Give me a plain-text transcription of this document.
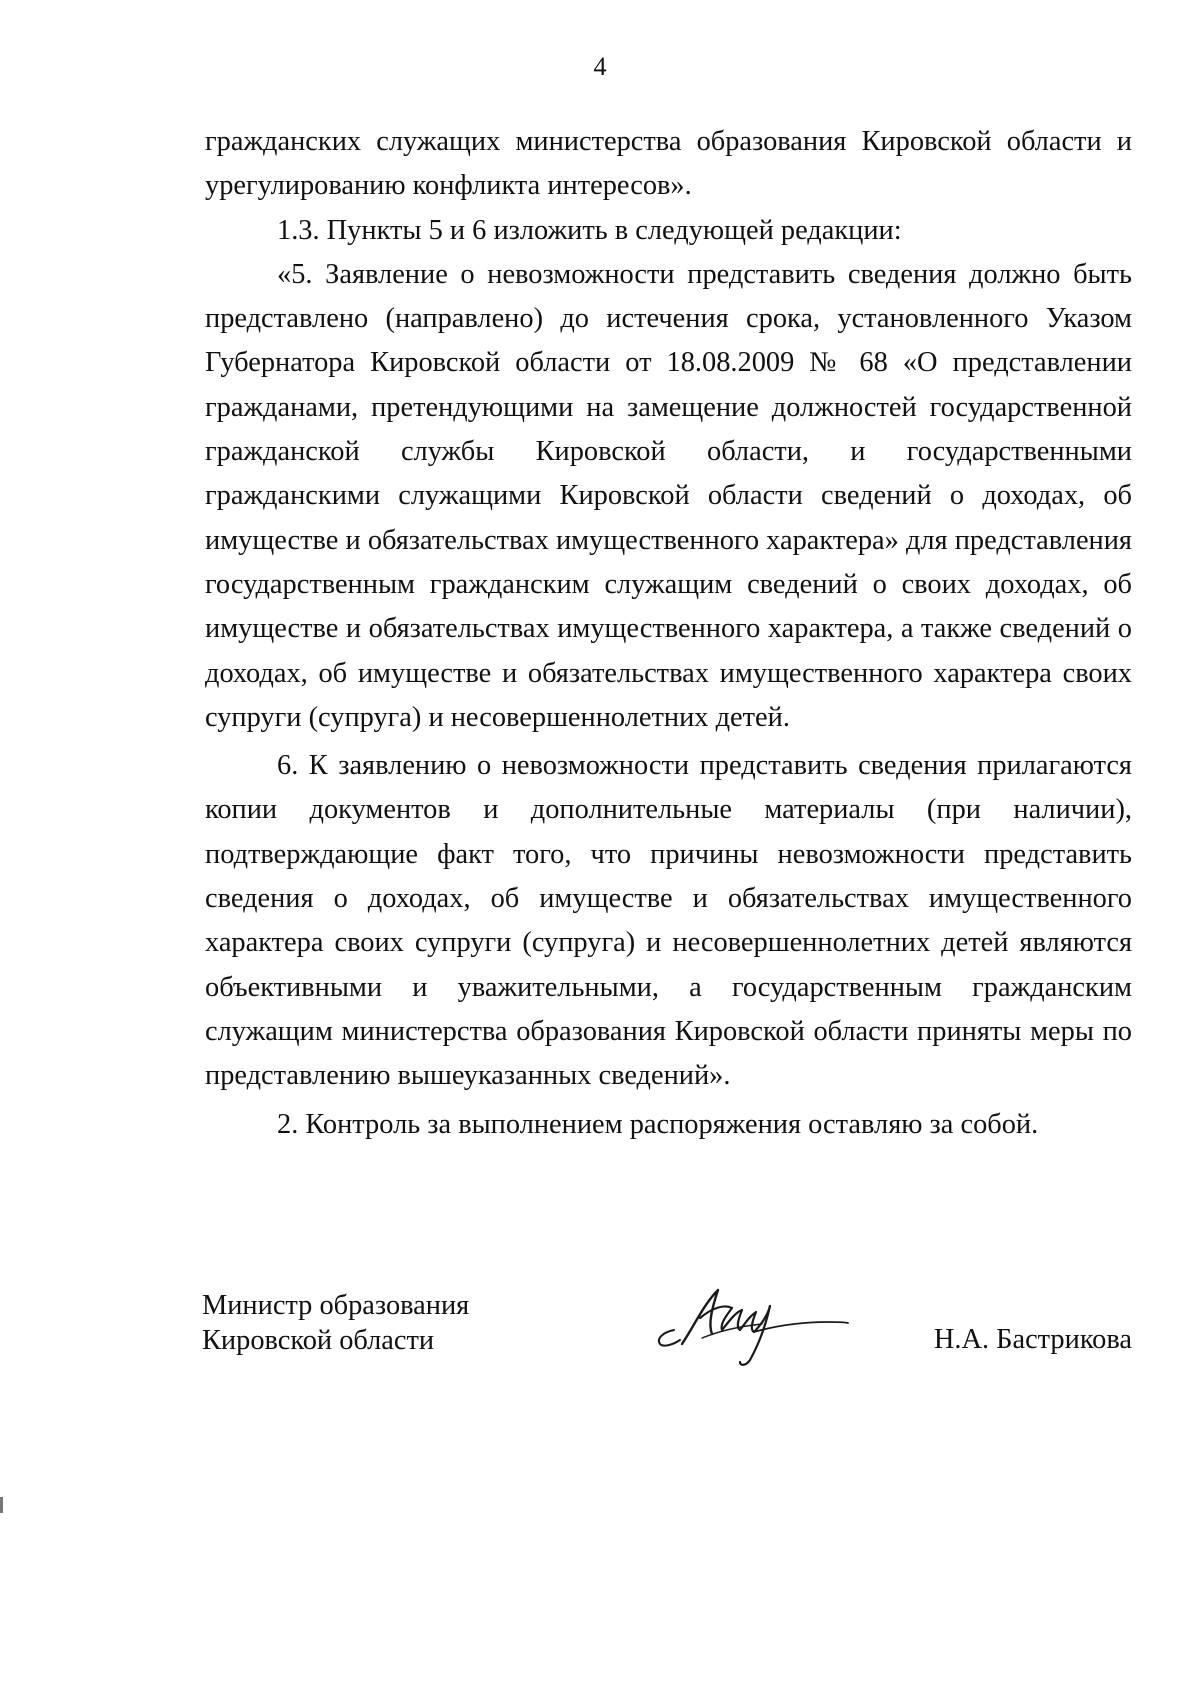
4

гражданских служащих министерства образования Кировской области и урегулированию конфликта интересов».

1.3. Пункты 5 и 6 изложить в следующей редакции:

«5. Заявление о невозможности представить сведения должно быть представлено (направлено) до истечения срока, установленного Указом Губернатора Кировской области от 18.08.2009 № 68 «О представлении гражданами, претендующими на замещение должностей государственной гражданской службы Кировской области, и государственными гражданскими служащими Кировской области сведений о доходах, об имуществе и обязательствах имущественного характера» для представления государственным гражданским служащим сведений о своих доходах, об имуществе и обязательствах имущественного характера, а также сведений о доходах, об имуществе и обязательствах имущественного характера своих супруги (супруга) и несовершеннолетних детей.

6. К заявлению о невозможности представить сведения прилагаются копии документов и дополнительные материалы (при наличии), подтверждающие факт того, что причины невозможности представить сведения о доходах, об имуществе и обязательствах имущественного характера своих супруги (супруга) и несовершеннолетних детей являются объективными и уважительными, а государственным гражданским служащим министерства образования Кировской области приняты меры по представлению вышеуказанных сведений».

2. Контроль за выполнением распоряжения оставляю за собой.

Министр образования
Кировской области	Н.А. Бастрикова
